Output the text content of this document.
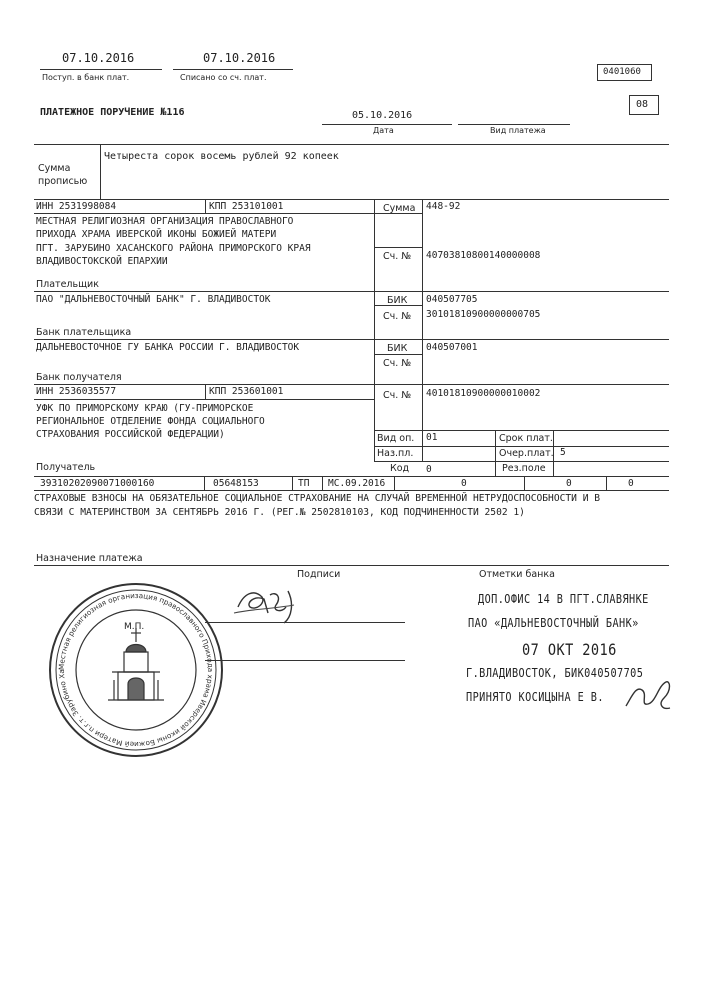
07.10.2016
Поступ. в банк плат.
07.10.2016
Списано со сч. плат.
0401060
08
ПЛАТЕЖНОЕ ПОРУЧЕНИЕ №116	05.10.2016
Дата	Вид платежа
Сумма
прописью
Четыреста сорок восемь рублей 92 копеек
ИНН 2531998084	КПП 253101001	Сумма 448-92
МЕСТНАЯ РЕЛИГИОЗНАЯ ОРГАНИЗАЦИЯ ПРАВОСЛАВНОГО
ПРИХОДА ХРАМА ИВЕРСКОЙ ИКОНЫ БОЖИЕЙ МАТЕРИ
ПГТ. ЗАРУБИНО ХАСАНСКОГО РАЙОНА ПРИМОРСКОГО КРАЯ
ВЛАДИВОСТОКСКОЙ ЕПАРХИИ	Сч. № 40703810800140000008
Плательщик
ПАО "ДАЛЬНЕВОСТОЧНЫЙ БАНК" Г. ВЛАДИВОСТОК	БИК 040507705
Сч. № 30101810900000000705
Банк плательщика
ДАЛЬНЕВОСТОЧНОЕ ГУ БАНКА РОССИИ Г. ВЛАДИВОСТОК	БИК 040507001
Сч. №
Банк получателя
ИНН 2536035577	КПП 253601001	Сч. № 40101810900000010002
УФК ПО ПРИМОРСКОМУ КРАЮ (ГУ-ПРИМОРСКОЕ
РЕГИОНАЛЬНОЕ ОТДЕЛЕНИЕ ФОНДА СОЦИАЛЬНОГО
СТРАХОВАНИЯ РОССИЙСКОЙ ФЕДЕРАЦИИ)
Получатель
Вид оп. 01	Срок плат.
Наз.пл.	Очер.плат. 5
Код 0	Рез.поле
39310202090071000160	05648153	ТП МС.09.2016	0	0	0
СТРАХОВЫЕ ВЗНОСЫ НА ОБЯЗАТЕЛЬНОЕ СОЦИАЛЬНОЕ СТРАХОВАНИЕ НА СЛУЧАЙ ВРЕМЕННОЙ НЕТРУДОСПОСОБНОСТИ И В
СВЯЗИ С МАТЕРИНСТВОМ ЗА СЕНТЯБРЬ 2016 Г. (РЕГ.№ 2502810103, КОД ПОДЧИНЕННОСТИ 2502 1)
Назначение платежа
Подписи	Отметки банка
Местная религиозная организация православного Прихода храма Иверской иконы Божией Матери п.г.т. Зарубино Ха
М.П.
ДОП.ОФИС 14 В ПГТ.СЛАВЯНКЕ
ПАО «ДАЛЬНЕВОСТОЧНЫЙ БАНК»
07 ОКТ 2016
Г.ВЛАДИВОСТОК, БИК040507705
ПРИНЯТО КОСИЦЫНА Е В.
